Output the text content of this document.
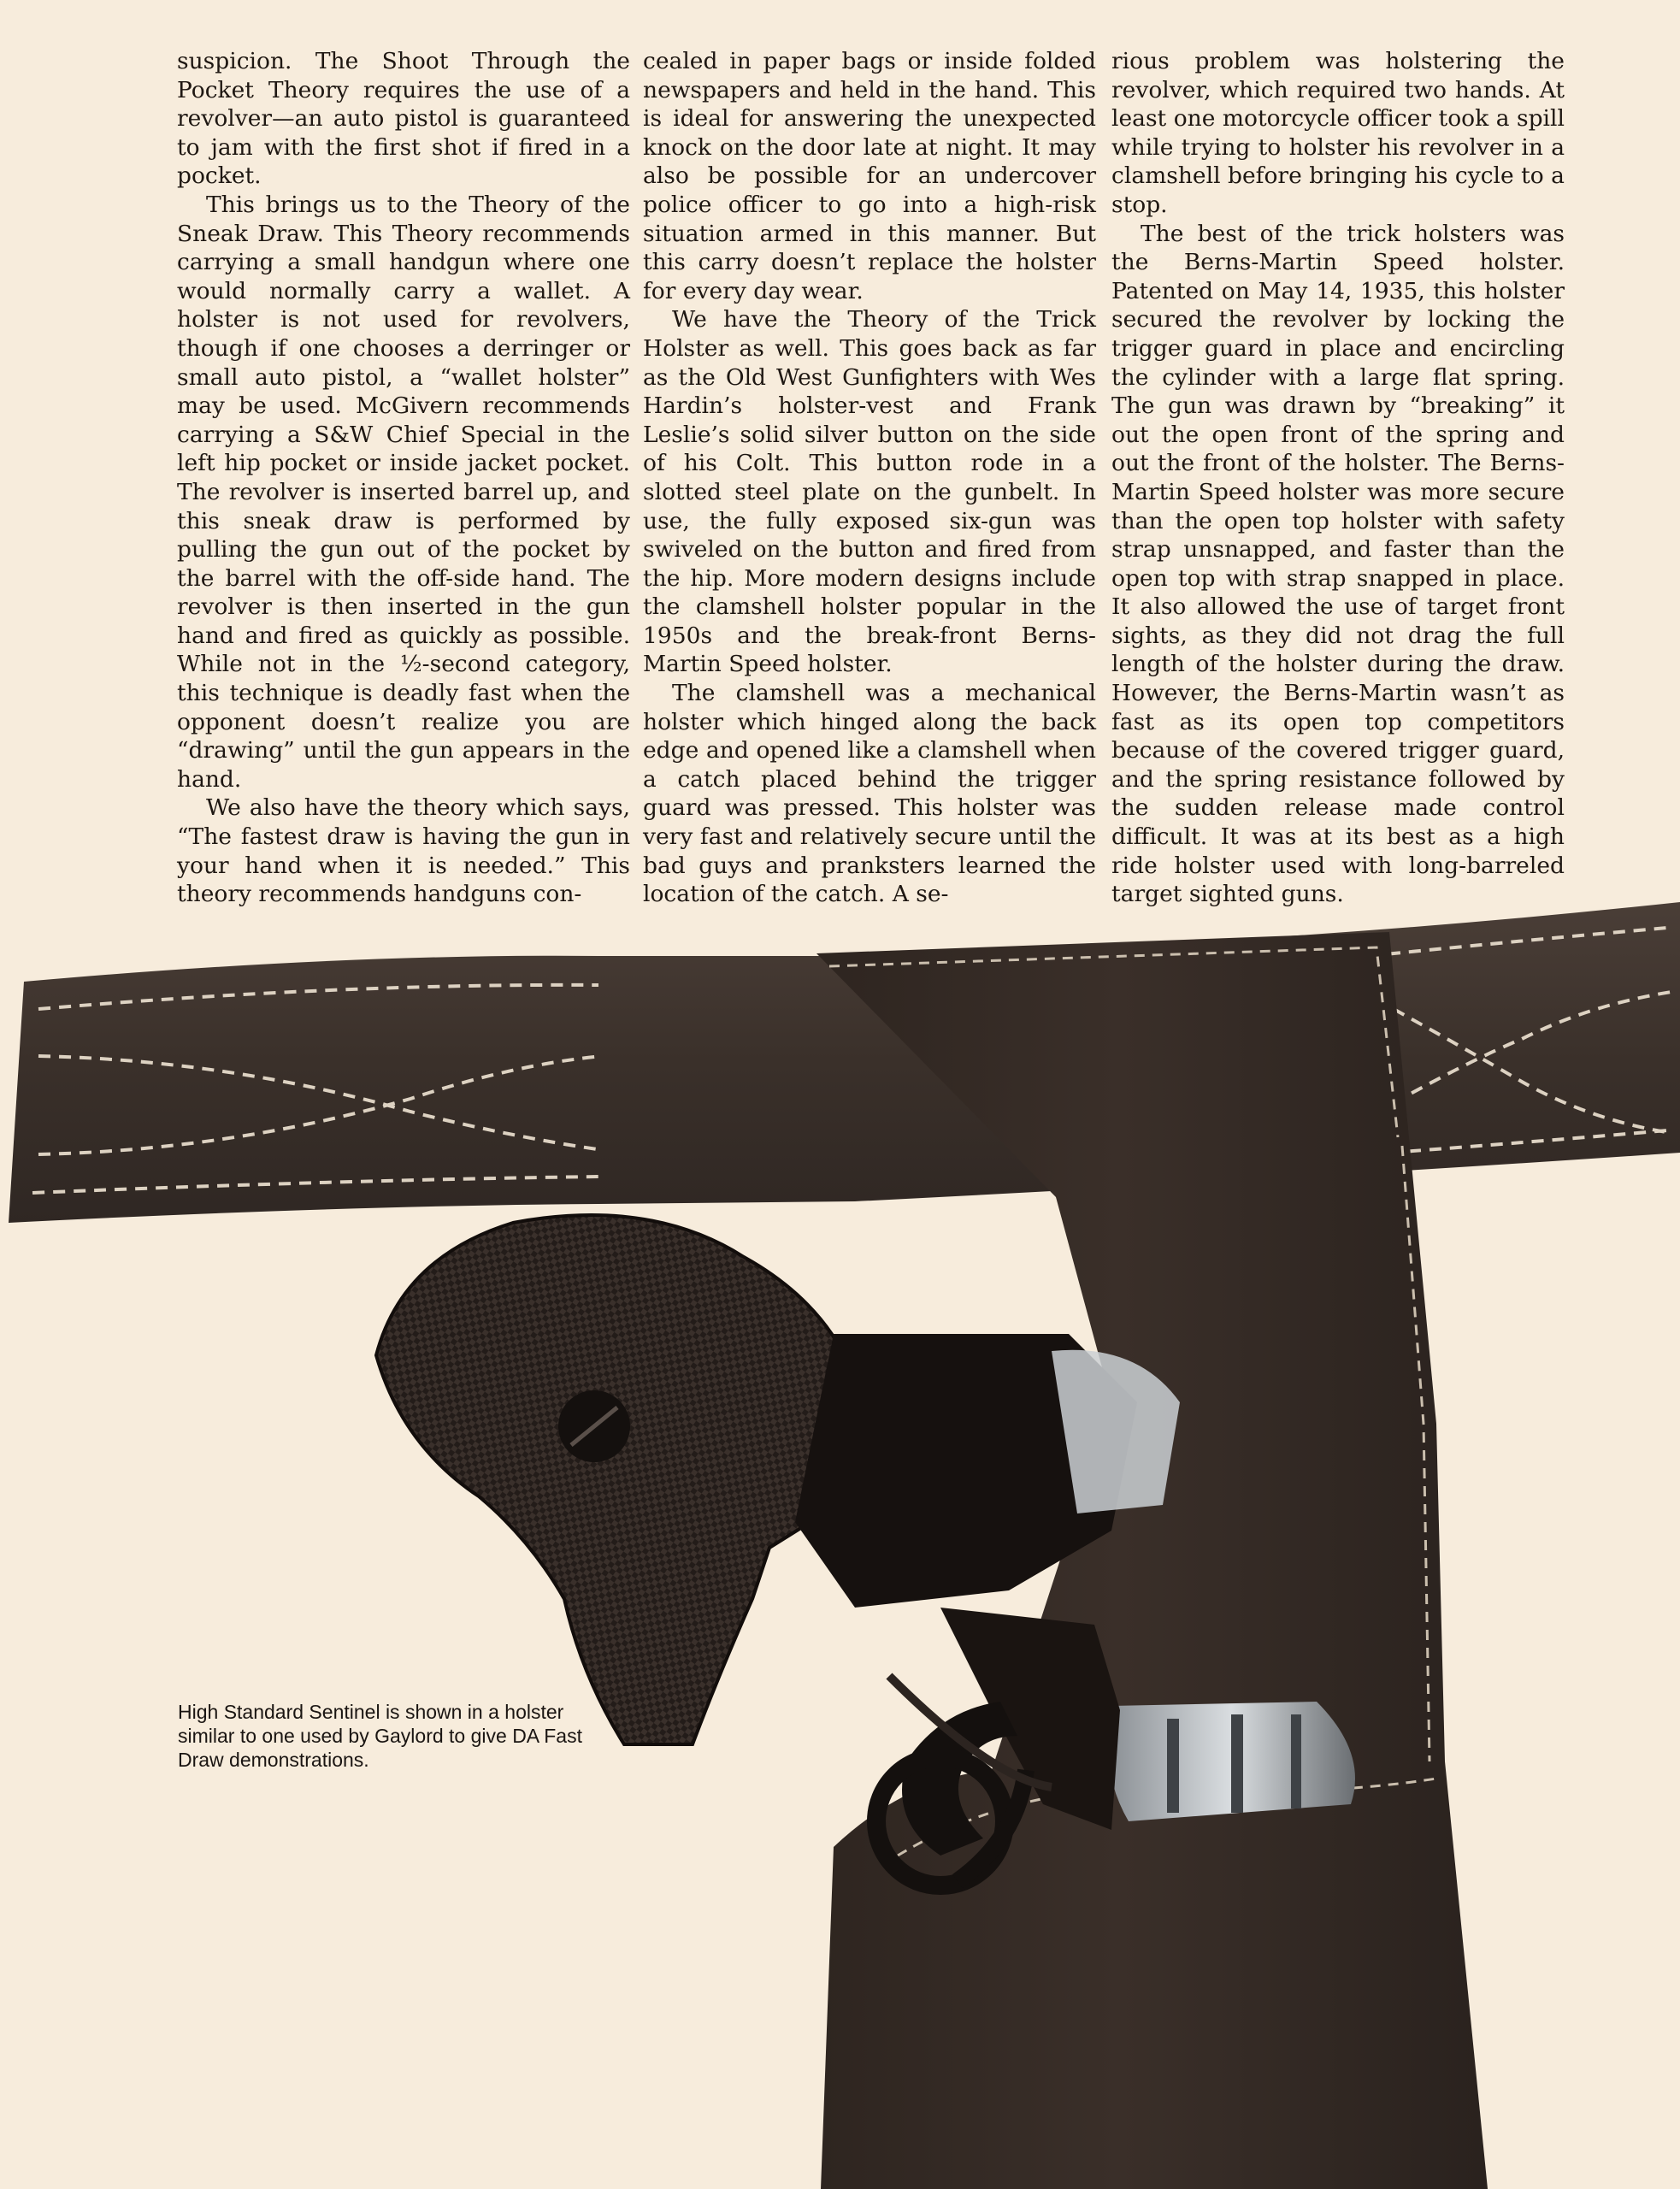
suspicion. The Shoot Through the Pocket Theory requires the use of a revolver—an auto pistol is guaranteed to jam with the first shot if fired in a pocket.

This brings us to the Theory of the Sneak Draw. This Theory recommends carrying a small handgun where one would normally carry a wallet. A holster is not used for revolvers, though if one chooses a derringer or small auto pistol, a “wallet holster” may be used. McGivern recommends carrying a S&W Chief Special in the left hip pocket or inside jacket pocket. The revolver is inserted barrel up, and this sneak draw is performed by pulling the gun out of the pocket by the barrel with the off-side hand. The revolver is then inserted in the gun hand and fired as quickly as possible. While not in the ½-second category, this technique is deadly fast when the opponent doesn’t realize you are “drawing” until the gun appears in the hand.

We also have the theory which says, “The fastest draw is having the gun in your hand when it is needed.” This theory recommends handguns con-

cealed in paper bags or inside folded newspapers and held in the hand. This is ideal for answering the unexpected knock on the door late at night. It may also be possible for an undercover police officer to go into a high-risk situation armed in this manner. But this carry doesn’t replace the holster for every day wear.

We have the Theory of the Trick Holster as well. This goes back as far as the Old West Gunfighters with Wes Hardin’s holster-vest and Frank Leslie’s solid silver button on the side of his Colt. This button rode in a slotted steel plate on the gunbelt. In use, the fully exposed six-gun was swiveled on the button and fired from the hip. More modern designs include the clamshell holster popular in the 1950s and the break-front Berns-Martin Speed holster.

The clamshell was a mechanical holster which hinged along the back edge and opened like a clamshell when a catch placed behind the trigger guard was pressed. This holster was very fast and relatively secure until the bad guys and pranksters learned the location of the catch. A se-

rious problem was holstering the revolver, which required two hands. At least one motorcycle officer took a spill while trying to holster his revolver in a clamshell before bringing his cycle to a stop.

The best of the trick holsters was the Berns-Martin Speed holster. Patented on May 14, 1935, this holster secured the revolver by locking the trigger guard in place and encircling the cylinder with a large flat spring. The gun was drawn by “breaking” it out the open front of the spring and out the front of the holster. The Berns-Martin Speed holster was more secure than the open top holster with safety strap unsnapped, and faster than the open top with strap snapped in place. It also allowed the use of target front sights, as they did not drag the full length of the holster during the draw. However, the Berns-Martin wasn’t as fast as its open top competitors because of the covered trigger guard, and the spring resistance followed by the sudden release made control difficult. It was at its best as a high ride holster used with long-barreled target sighted guns.

High Standard Sentinel is shown in a holster similar to one used by Gaylord to give DA Fast Draw demonstrations.
